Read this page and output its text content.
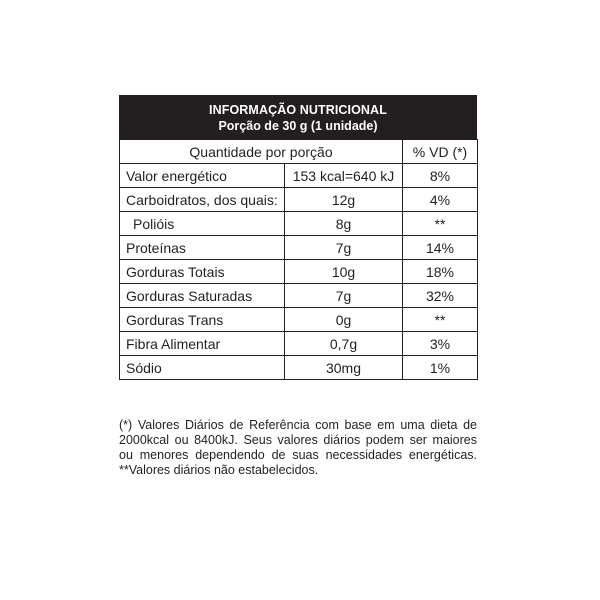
INFORMAÇÃO NUTRICIONAL
Porção de 30 g (1 unidade)
Quantidade por porção		% VD (*)
Valor energético	153 kcal=640 kJ	8%
Carboidratos, dos quais:	12g	4%
Polióis	8g	**
Proteínas	7g	14%
Gorduras Totais	10g	18%
Gorduras Saturadas	7g	32%
Gorduras Trans	0g	**
Fibra Alimentar	0,7g	3%
Sódio	30mg	1%
(*) Valores Diários de Referência com base em uma dieta de 2000kcal ou 8400kJ. Seus valores diários podem ser maiores ou menores dependendo de suas necessidades energéticas. **Valores diários não estabelecidos.
